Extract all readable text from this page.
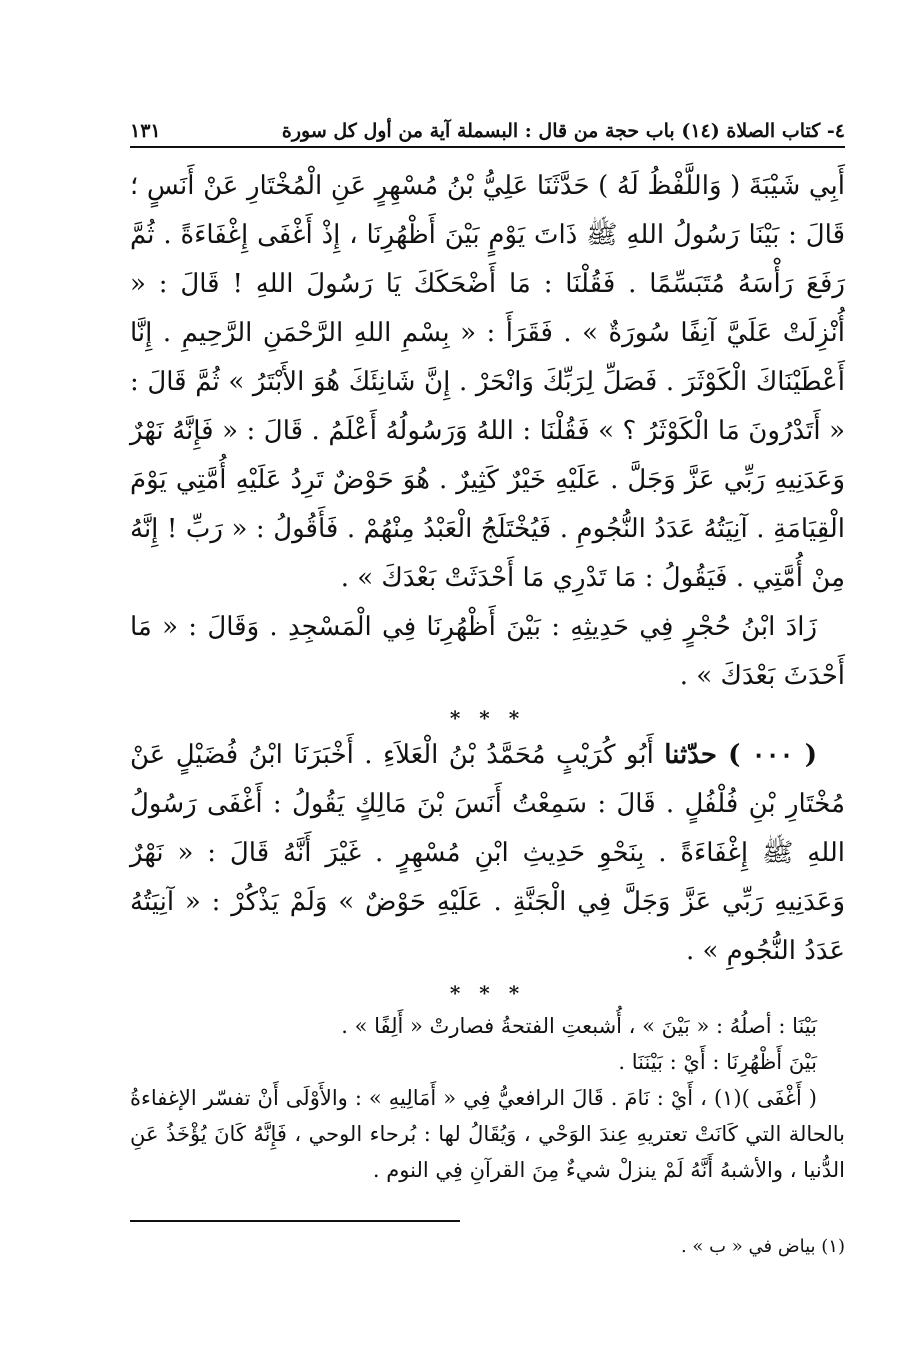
٤- كتاب الصلاة (١٤) باب حجة من قال : البسملة آية من أول كل سورة
١٣١

أَبِي شَيْبَةَ ( وَاللَّفْظُ لَهُ ) حَدَّثَنَا عَلِيُّ بْنُ مُسْهِرٍ عَنِ الْمُخْتَارِ عَنْ أَنَسٍ ؛ قَالَ : بَيْنَا رَسُولُ اللهِ ﷺ ذَاتَ يَوْمٍ بَيْنَ أَظْهُرِنَا ، إِذْ أَغْفَى إِغْفَاءَةً . ثُمَّ رَفَعَ رَأْسَهُ مُتَبَسِّمًا . فَقُلْنَا : مَا أَضْحَكَكَ يَا رَسُولَ اللهِ ! قَالَ : « أُنْزِلَتْ عَلَيَّ آنِفًا سُورَةٌ » . فَقَرَأَ : « بِسْمِ اللهِ الرَّحْمَنِ الرَّحِيمِ . إِنَّا أَعْطَيْنَاكَ الْكَوْثَرَ . فَصَلِّ لِرَبِّكَ وَانْحَرْ . إِنَّ شَانِئَكَ هُوَ الأَبْتَرُ » ثُمَّ قَالَ : « أَتَدْرُونَ مَا الْكَوْثَرُ ؟ » فَقُلْنَا : اللهُ وَرَسُولُهُ أَعْلَمُ . قَالَ : « فَإِنَّهُ نَهْرٌ وَعَدَنِيهِ رَبِّي عَزَّ وَجَلَّ . عَلَيْهِ خَيْرٌ كَثِيرٌ . هُوَ حَوْضٌ تَرِدُ عَلَيْهِ أُمَّتِي يَوْمَ الْقِيَامَةِ . آنِيَتُهُ عَدَدُ النُّجُومِ . فَيُخْتَلَجُ الْعَبْدُ مِنْهُمْ . فَأَقُولُ : « رَبِّ ! إِنَّهُ مِنْ أُمَّتِي . فَيَقُولُ : مَا تَدْرِي مَا أَحْدَثَتْ بَعْدَكَ » .

زَادَ ابْنُ حُجْرٍ فِي حَدِيثِهِ : بَيْنَ أَظْهُرِنَا فِي الْمَسْجِدِ . وَقَالَ : « مَا أَحْدَثَ بَعْدَكَ » .

* * *

( ٠٠٠ ) حدّثنا أَبُو كُرَيْبٍ مُحَمَّدُ بْنُ الْعَلاَءِ . أَخْبَرَنَا ابْنُ فُضَيْلٍ عَنْ مُخْتَارِ بْنِ فُلْفُلٍ . قَالَ : سَمِعْتُ أَنَسَ بْنَ مَالِكٍ يَقُولُ : أَغْفَى رَسُولُ اللهِ ﷺ إِغْفَاءَةً . بِنَحْوِ حَدِيثِ ابْنِ مُسْهِرٍ . غَيْرَ أَنَّهُ قَالَ : « نَهْرٌ وَعَدَنِيهِ رَبِّي عَزَّ وَجَلَّ فِي الْجَنَّةِ . عَلَيْهِ حَوْضٌ » وَلَمْ يَذْكُرْ : « آنِيَتُهُ عَدَدُ النُّجُومِ » .

* * *

بَيْنَا : أصلُهُ : « بَيْنَ » ، أُشبعتِ الفتحةُ فصارتْ « أَلِفًا » .

بَيْنَ أَظْهُرِنَا : أَيْ : بَيْنَنَا .

( أَغْفَى )(١) ، أَيْ : نَامَ . قَالَ الرافعيُّ فِي « أَمَالِيهِ » : والأَوْلَى أَنْ تفسّر الإغفاءةُ بالحالة التي كَانَتْ تعتريهِ عِندَ الوَحْي ، وَيُقَالُ لها : بُرحاء الوحي ، فَإِنَّهُ كَانَ يُؤْخَذُ عَنِ الدُّنيا ، والأشبهُ أَنَّهُ لَمْ ينزلْ شيءٌ مِنَ القرآنِ فِي النوم .

(١) بياض في « ب » .
